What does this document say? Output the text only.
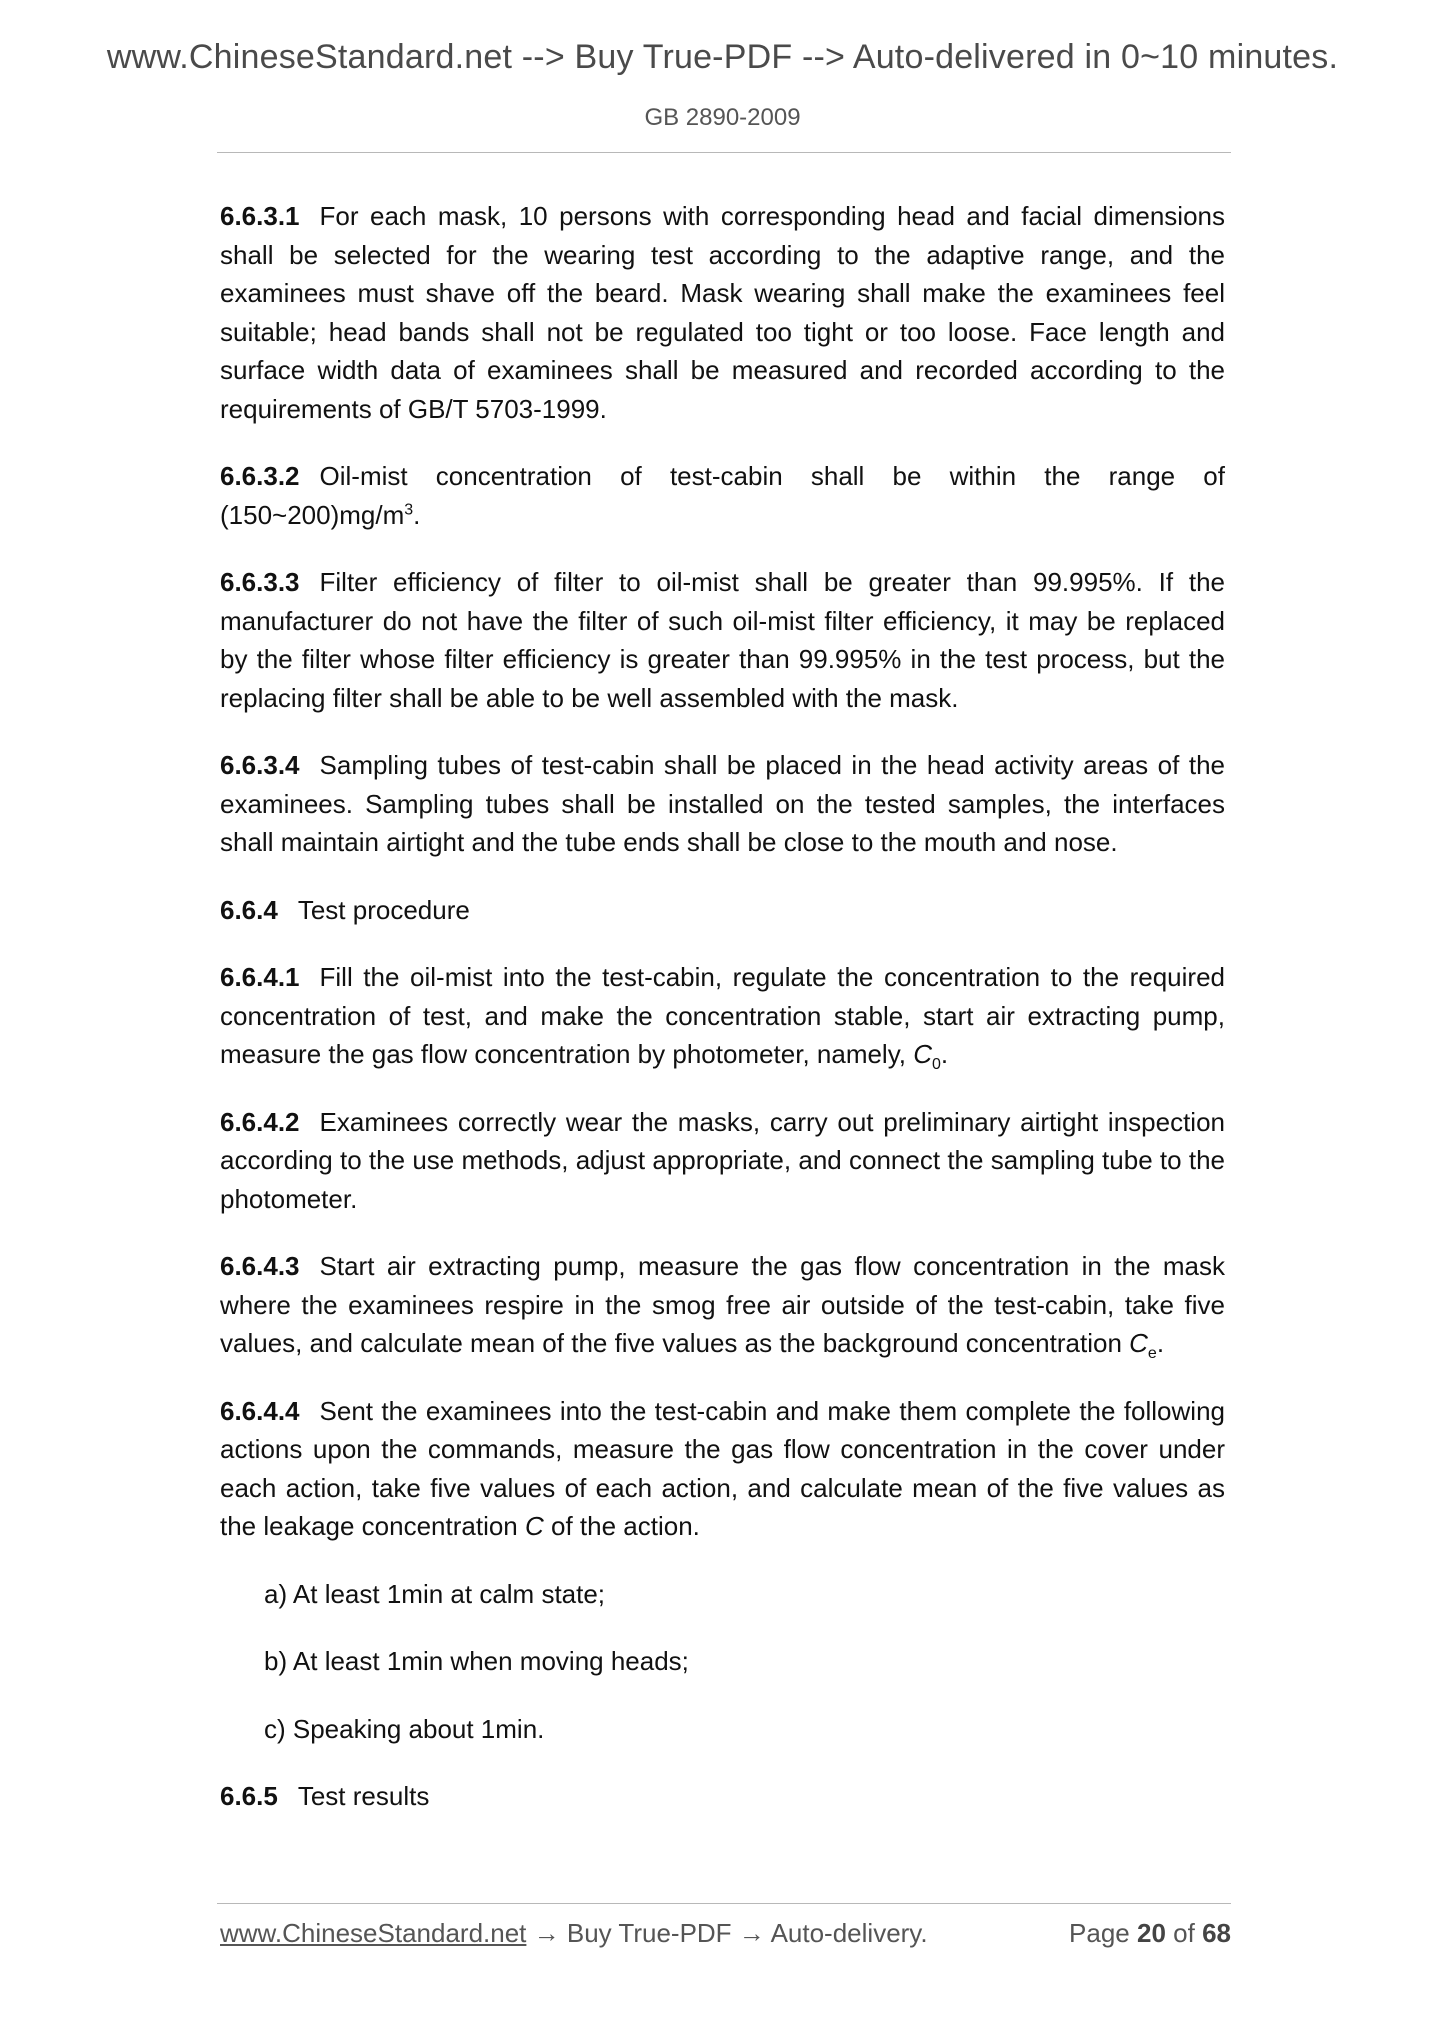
www.ChineseStandard.net --> Buy True-PDF --> Auto-delivered in 0~10 minutes.
GB 2890-2009

6.6.3.1 For each mask, 10 persons with corresponding head and facial dimensions shall be selected for the wearing test according to the adaptive range, and the examinees must shave off the beard. Mask wearing shall make the examinees feel suitable; head bands shall not be regulated too tight or too loose. Face length and surface width data of examinees shall be measured and recorded according to the requirements of GB/T 5703-1999.

6.6.3.2 Oil-mist concentration of test-cabin shall be within the range of $(150\sim 200)mg/m^3$.

6.6.3.3 Filter efficiency of filter to oil-mist shall be greater than 99.995%. If the manufacturer do not have the filter of such oil-mist filter efficiency, it may be replaced by the filter whose filter efficiency is greater than 99.995% in the test process, but the replacing filter shall be able to be well assembled with the mask.

6.6.3.4 Sampling tubes of test-cabin shall be placed in the head activity areas of the examinees. Sampling tubes shall be installed on the tested samples, the interfaces shall maintain airtight and the tube ends shall be close to the mouth and nose.

6.6.4 Test procedure

6.6.4.1 Fill the oil-mist into the test-cabin, regulate the concentration to the required concentration of test, and make the concentration stable, start air extracting pump, measure the gas flow concentration by photometer, namely, $C_0$.

6.6.4.2 Examinees correctly wear the masks, carry out preliminary airtight inspection according to the use methods, adjust appropriate, and connect the sampling tube to the photometer.

6.6.4.3 Start air extracting pump, measure the gas flow concentration in the mask where the examinees respire in the smog free air outside of the test-cabin, take five values, and calculate mean of the five values as the background concentration $C_e$.

6.6.4.4 Sent the examinees into the test-cabin and make them complete the following actions upon the commands, measure the gas flow concentration in the cover under each action, take five values of each action, and calculate mean of the five values as the leakage concentration C of the action.

a) At least 1min at calm state;

b) At least 1min when moving heads;

c) Speaking about 1min.

6.6.5 Test results

www.ChineseStandard.net → Buy True-PDF → Auto-delivery.	Page 20 of 68
